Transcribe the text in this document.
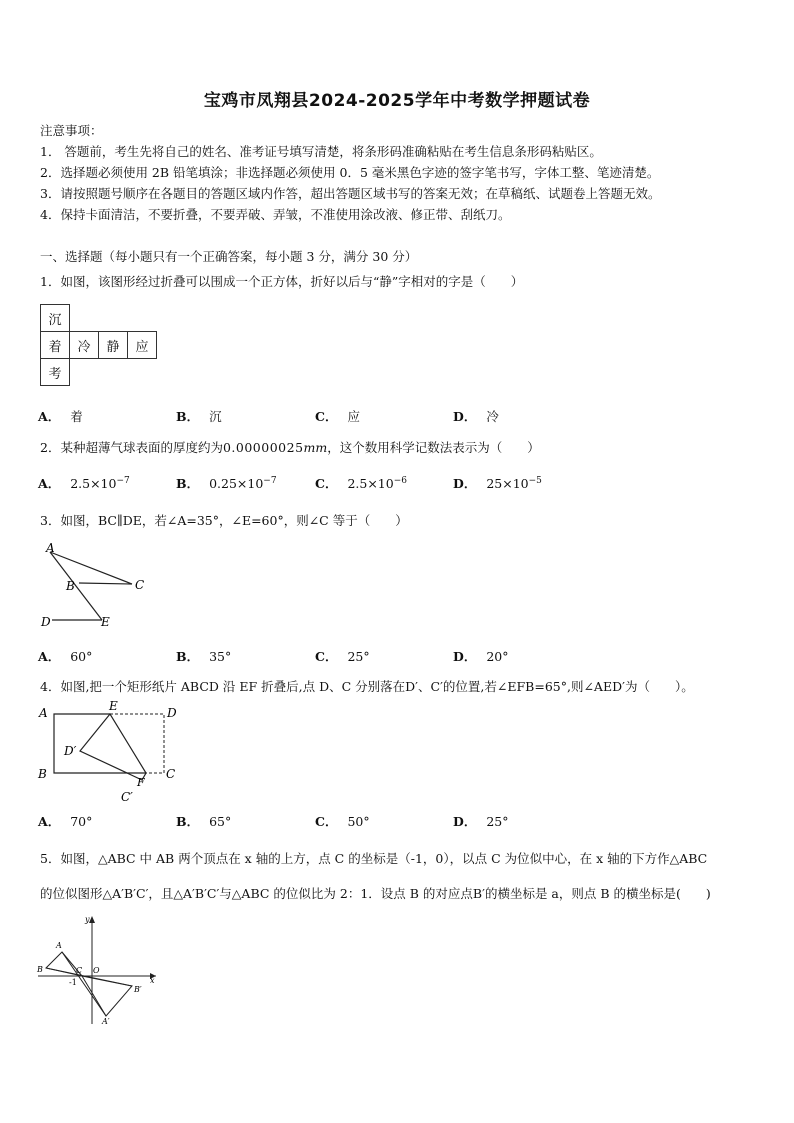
宝鸡市凤翔县2024-2025学年中考数学押题试卷
注意事项：
1． 答题前，考生先将自己的姓名、准考证号填写清楚，将条形码准确粘贴在考生信息条形码粘贴区。
2．选择题必须使用 2B 铅笔填涂；非选择题必须使用 0．5 毫米黑色字迹的签字笔书写，字体工整、笔迹清楚。
3．请按照题号顺序在各题目的答题区域内作答，超出答题区域书写的答案无效；在草稿纸、试题卷上答题无效。
4．保持卡面清洁，不要折叠，不要弄破、弄皱，不准使用涂改液、修正带、刮纸刀。
一、选择题（每小题只有一个正确答案，每小题 3 分，满分 30 分）
1．如图，该图形经过折叠可以围成一个正方体，折好以后与“静”字相对的字是（　　）
沉			
着	冷	静	应
考			
A． 着	B． 沉	C． 应	D． 冷
2．某种超薄气球表面的厚度约为0.00000025mm，这个数用科学记数法表示为（　　）
A． $2.5\times 10^{-7}$	B． $0.25\times 10^{-7}$	C． $2.5\times 10^{-6}$	D． $25\times 10^{-5}$
3．如图，BC∥DE，若∠A=35°，∠E=60°，则∠C 等于（　　）
A
B	C
D	E
A． 60°	B． 35°	C． 25°	D． 20°
4．如图,把一个矩形纸片 ABCD 沿 EF 折叠后,点 D、C 分别落在D′、C′的位置,若∠EFB=65°,则∠AED′为（　　）。
A	E	D
D′
B	C
F
C′
A． 70°	B． 65°	C． 50°	D． 25°
5．如图，△ABC 中 AB 两个顶点在 x 轴的上方，点 C 的坐标是（-1，0），以点 C 为位似中心，在 x 轴的下方作△ABC
的位似图形△A′B′C′，且△A′B′C′与△ABC 的位似比为 2：1．设点 B 的对应点B′的横坐标是 a，则点 B 的横坐标是(　　)
y
x
A
B	C O
-1
B′
A′
